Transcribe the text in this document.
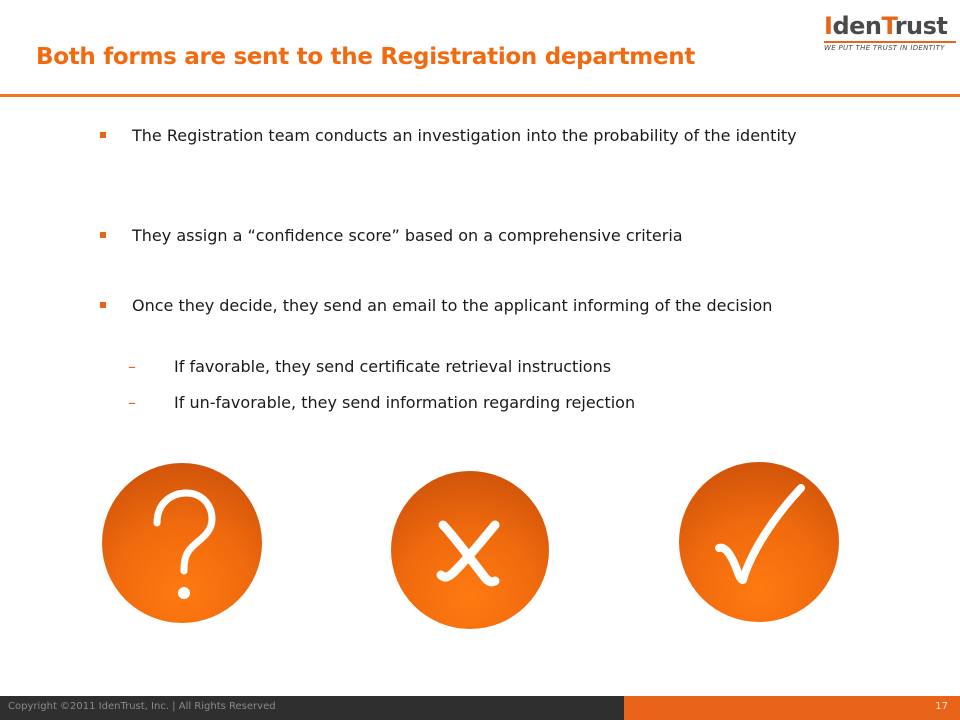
Both forms are sent to the Registration department
IdenTrust
WE PUT THE TRUST IN IDENTITY
The Registration team conducts an investigation into the probability of the identity
They assign a “confidence score” based on a comprehensive criteria
Once they decide, they send an email to the applicant informing of the decision
– If favorable, they send certificate retrieval instructions
– If un-favorable, they send information regarding rejection
Copyright ©2011 IdenTrust, Inc. | All Rights Reserved	17
